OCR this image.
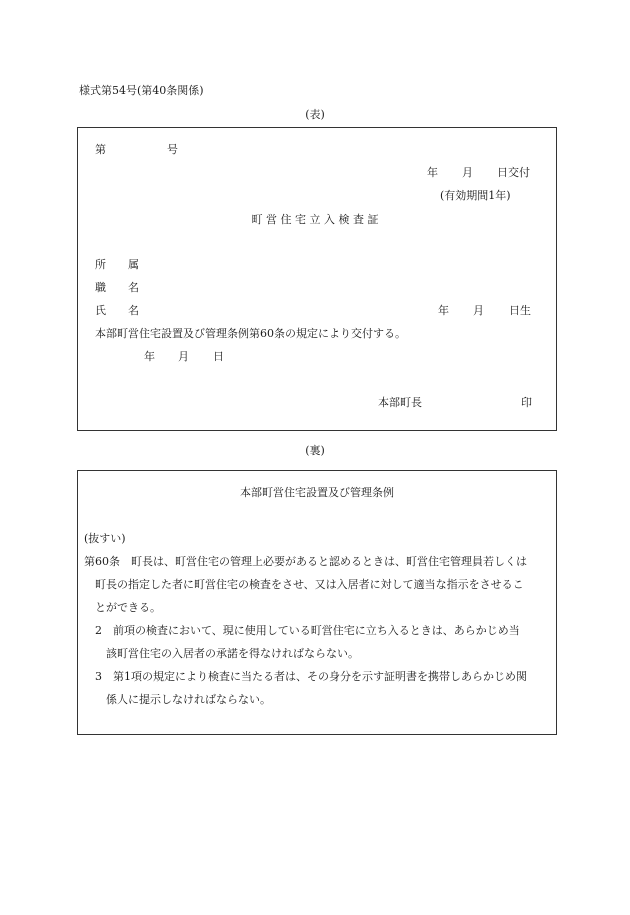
様式第54号(第40条関係)
(表)
第	号
年 月 日交付
(有効期間1年)
町 営 住 宅 立 入 検 査 証
所　　属
職　　名
氏　　名	年 月 日生
本部町営住宅設置及び管理条例第60条の規定により交付する。
年 月 日
本部町長	印
(裏)
本部町営住宅設置及び管理条例
(抜すい)
第60条　町長は、町営住宅の管理上必要があると認めるときは、町営住宅管理員若しくは
町長の指定した者に町営住宅の検査をさせ、又は入居者に対して適当な指示をさせるこ
とができる。
2　前項の検査において、現に使用している町営住宅に立ち入るときは、あらかじめ当
該町営住宅の入居者の承諾を得なければならない。
3　第1項の規定により検査に当たる者は、その身分を示す証明書を携帯しあらかじめ関
係人に提示しなければならない。
